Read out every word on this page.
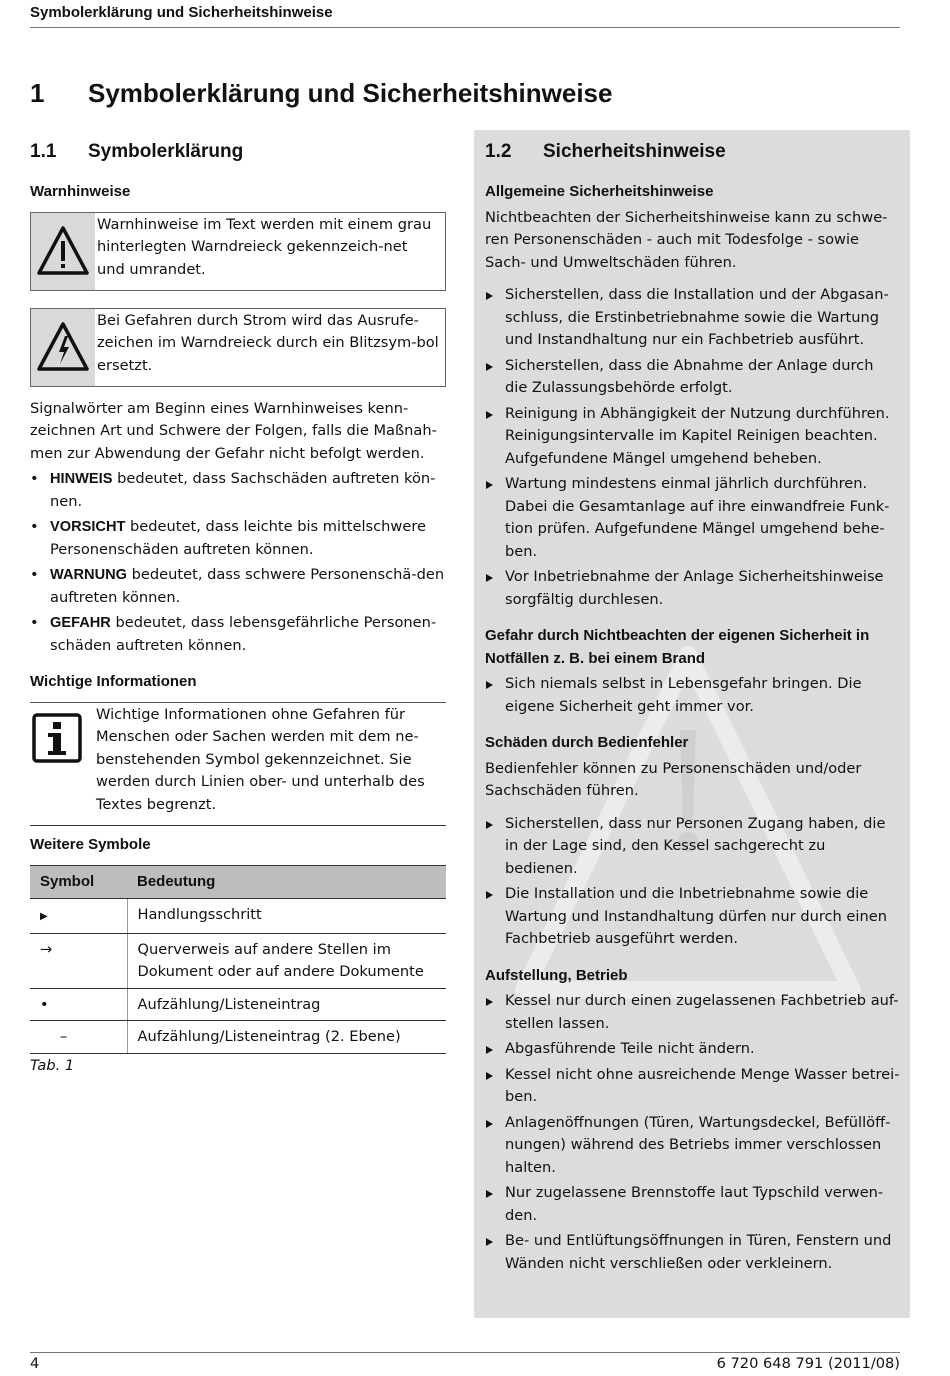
Symbolerklärung und Sicherheitshinweise
1 Symbolerklärung und Sicherheitshinweise
1.1 Symbolerklärung
Warnhinweise
Warnhinweise im Text werden mit einem grau hinterlegten Warndreieck gekennzeich-net und umrandet.
Bei Gefahren durch Strom wird das Ausrufe-zeichen im Warndreieck durch ein Blitzsym-bol ersetzt.

Signalwörter am Beginn eines Warnhinweises kenn-zeichnen Art und Schwere der Folgen, falls die Maßnah-men zur Abwendung der Gefahr nicht befolgt werden.

• HINWEIS bedeutet, dass Sachschäden auftreten kön-nen.
• VORSICHT bedeutet, dass leichte bis mittelschwere Personenschäden auftreten können.
• WARNUNG bedeutet, dass schwere Personenschä-den auftreten können.
• GEFAHR bedeutet, dass lebensgefährliche Personen-schäden auftreten können.
Wichtige Informationen
Wichtige Informationen ohne Gefahren für Menschen oder Sachen werden mit dem ne-benstehenden Symbol gekennzeichnet. Sie werden durch Linien ober- und unterhalb des Textes begrenzt.
Weitere Symbole
Symbol	Bedeutung
▶	Handlungsschritt
→	Querverweis auf andere Stellen im Dokument oder auf andere Dokumente
•	Aufzählung/Listeneintrag
–	Aufzählung/Listeneintrag (2. Ebene)
Tab. 1
1.2 Sicherheitshinweise
Allgemeine Sicherheitshinweise

Nichtbeachten der Sicherheitshinweise kann zu schwe-ren Personenschäden - auch mit Todesfolge - sowie Sach- und Umweltschäden führen.

Sicherstellen, dass die Installation und der Abgasan-schluss, die Erstinbetriebnahme sowie die Wartung und Instandhaltung nur ein Fachbetrieb ausführt.
Sicherstellen, dass die Abnahme der Anlage durch die Zulassungsbehörde erfolgt.
Reinigung in Abhängigkeit der Nutzung durchführen. Reinigungsintervalle im Kapitel Reinigen beachten. Aufgefundene Mängel umgehend beheben.
Wartung mindestens einmal jährlich durchführen. Dabei die Gesamtanlage auf ihre einwandfreie Funk-tion prüfen. Aufgefundene Mängel umgehend behe-ben.
Vor Inbetriebnahme der Anlage Sicherheitshinweise sorgfältig durchlesen.
Gefahr durch Nichtbeachten der eigenen Sicherheit in Notfällen z. B. bei einem Brand
Sich niemals selbst in Lebensgefahr bringen. Die eigene Sicherheit geht immer vor.
Schäden durch Bedienfehler

Bedienfehler können zu Personenschäden und/oder Sachschäden führen.

Sicherstellen, dass nur Personen Zugang haben, die in der Lage sind, den Kessel sachgerecht zu bedienen.
Die Installation und die Inbetriebnahme sowie die Wartung und Instandhaltung dürfen nur durch einen Fachbetrieb ausgeführt werden.
Aufstellung, Betrieb
Kessel nur durch einen zugelassenen Fachbetrieb auf-stellen lassen.
Abgasführende Teile nicht ändern.
Kessel nicht ohne ausreichende Menge Wasser betrei-ben.
Anlagenöffnungen (Türen, Wartungsdeckel, Befüllöff-nungen) während des Betriebs immer verschlossen halten.
Nur zugelassene Brennstoffe laut Typschild verwen-den.
Be- und Entlüftungsöffnungen in Türen, Fenstern und Wänden nicht verschließen oder verkleinern.
4	6 720 648 791 (2011/08)
